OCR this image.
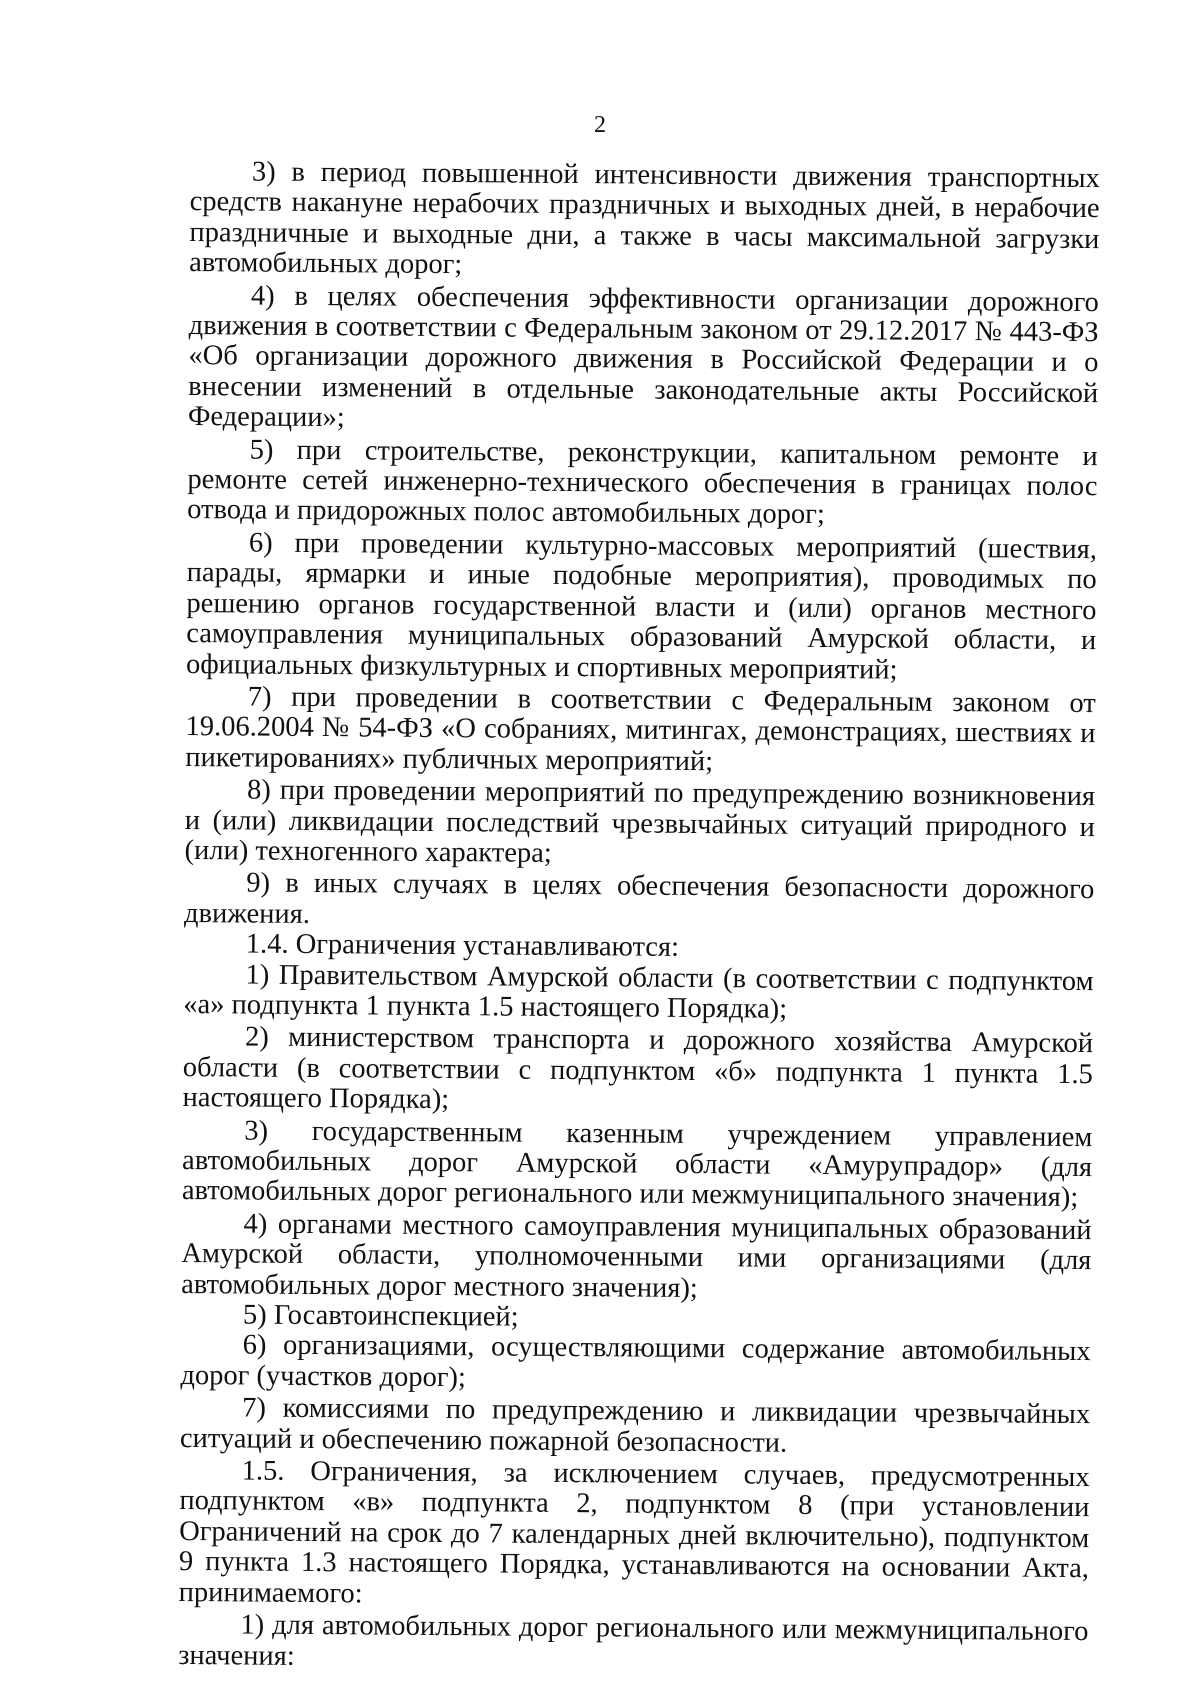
2

3) в период повышенной интенсивности движения транспортных средств накануне нерабочих праздничных и выходных дней, в нерабочие праздничные и выходные дни, а также в часы максимальной загрузки автомобильных дорог;

4) в целях обеспечения эффективности организации дорожного движения в соответствии с Федеральным законом от 29.12.2017 № 443-ФЗ «Об организации дорожного движения в Российской Федерации и о внесении изменений в отдельные законодательные акты Российской Федерации»;

5) при строительстве, реконструкции, капитальном ремонте и ремонте сетей инженерно-технического обеспечения в границах полос отвода и придорожных полос автомобильных дорог;

6) при проведении культурно-массовых мероприятий (шествия, парады, ярмарки и иные подобные мероприятия), проводимых по решению органов государственной власти и (или) органов местного самоуправления муниципальных образований Амурской области, и официальных физкультурных и спортивных мероприятий;

7) при проведении в соответствии с Федеральным законом от 19.06.2004 № 54-ФЗ «О собраниях, митингах, демонстрациях, шествиях и пикетированиях» публичных мероприятий;

8) при проведении мероприятий по предупреждению возникновения и (или) ликвидации последствий чрезвычайных ситуаций природного и (или) техногенного характера;

9) в иных случаях в целях обеспечения безопасности дорожного движения.

1.4. Ограничения устанавливаются:

1) Правительством Амурской области (в соответствии с подпунктом «а» подпункта 1 пункта 1.5 настоящего Порядка);

2) министерством транспорта и дорожного хозяйства Амурской области (в соответствии с подпунктом «б» подпункта 1 пункта 1.5 настоящего Порядка);

3) государственным казенным учреждением управлением автомобильных дорог Амурской области «Амурупрадор» (для автомобильных дорог регионального или межмуниципального значения);

4) органами местного самоуправления муниципальных образований Амурской области, уполномоченными ими организациями (для автомобильных дорог местного значения);

5) Госавтоинспекцией;

6) организациями, осуществляющими содержание автомобильных дорог (участков дорог);

7) комиссиями по предупреждению и ликвидации чрезвычайных ситуаций и обеспечению пожарной безопасности.

1.5. Ограничения, за исключением случаев, предусмотренных подпунктом «в» подпункта 2, подпунктом 8 (при установлении Ограничений на срок до 7 календарных дней включительно), подпунктом 9 пункта 1.3 настоящего Порядка, устанавливаются на основании Акта, принимаемого:

1) для автомобильных дорог регионального или межмуниципального значения:
